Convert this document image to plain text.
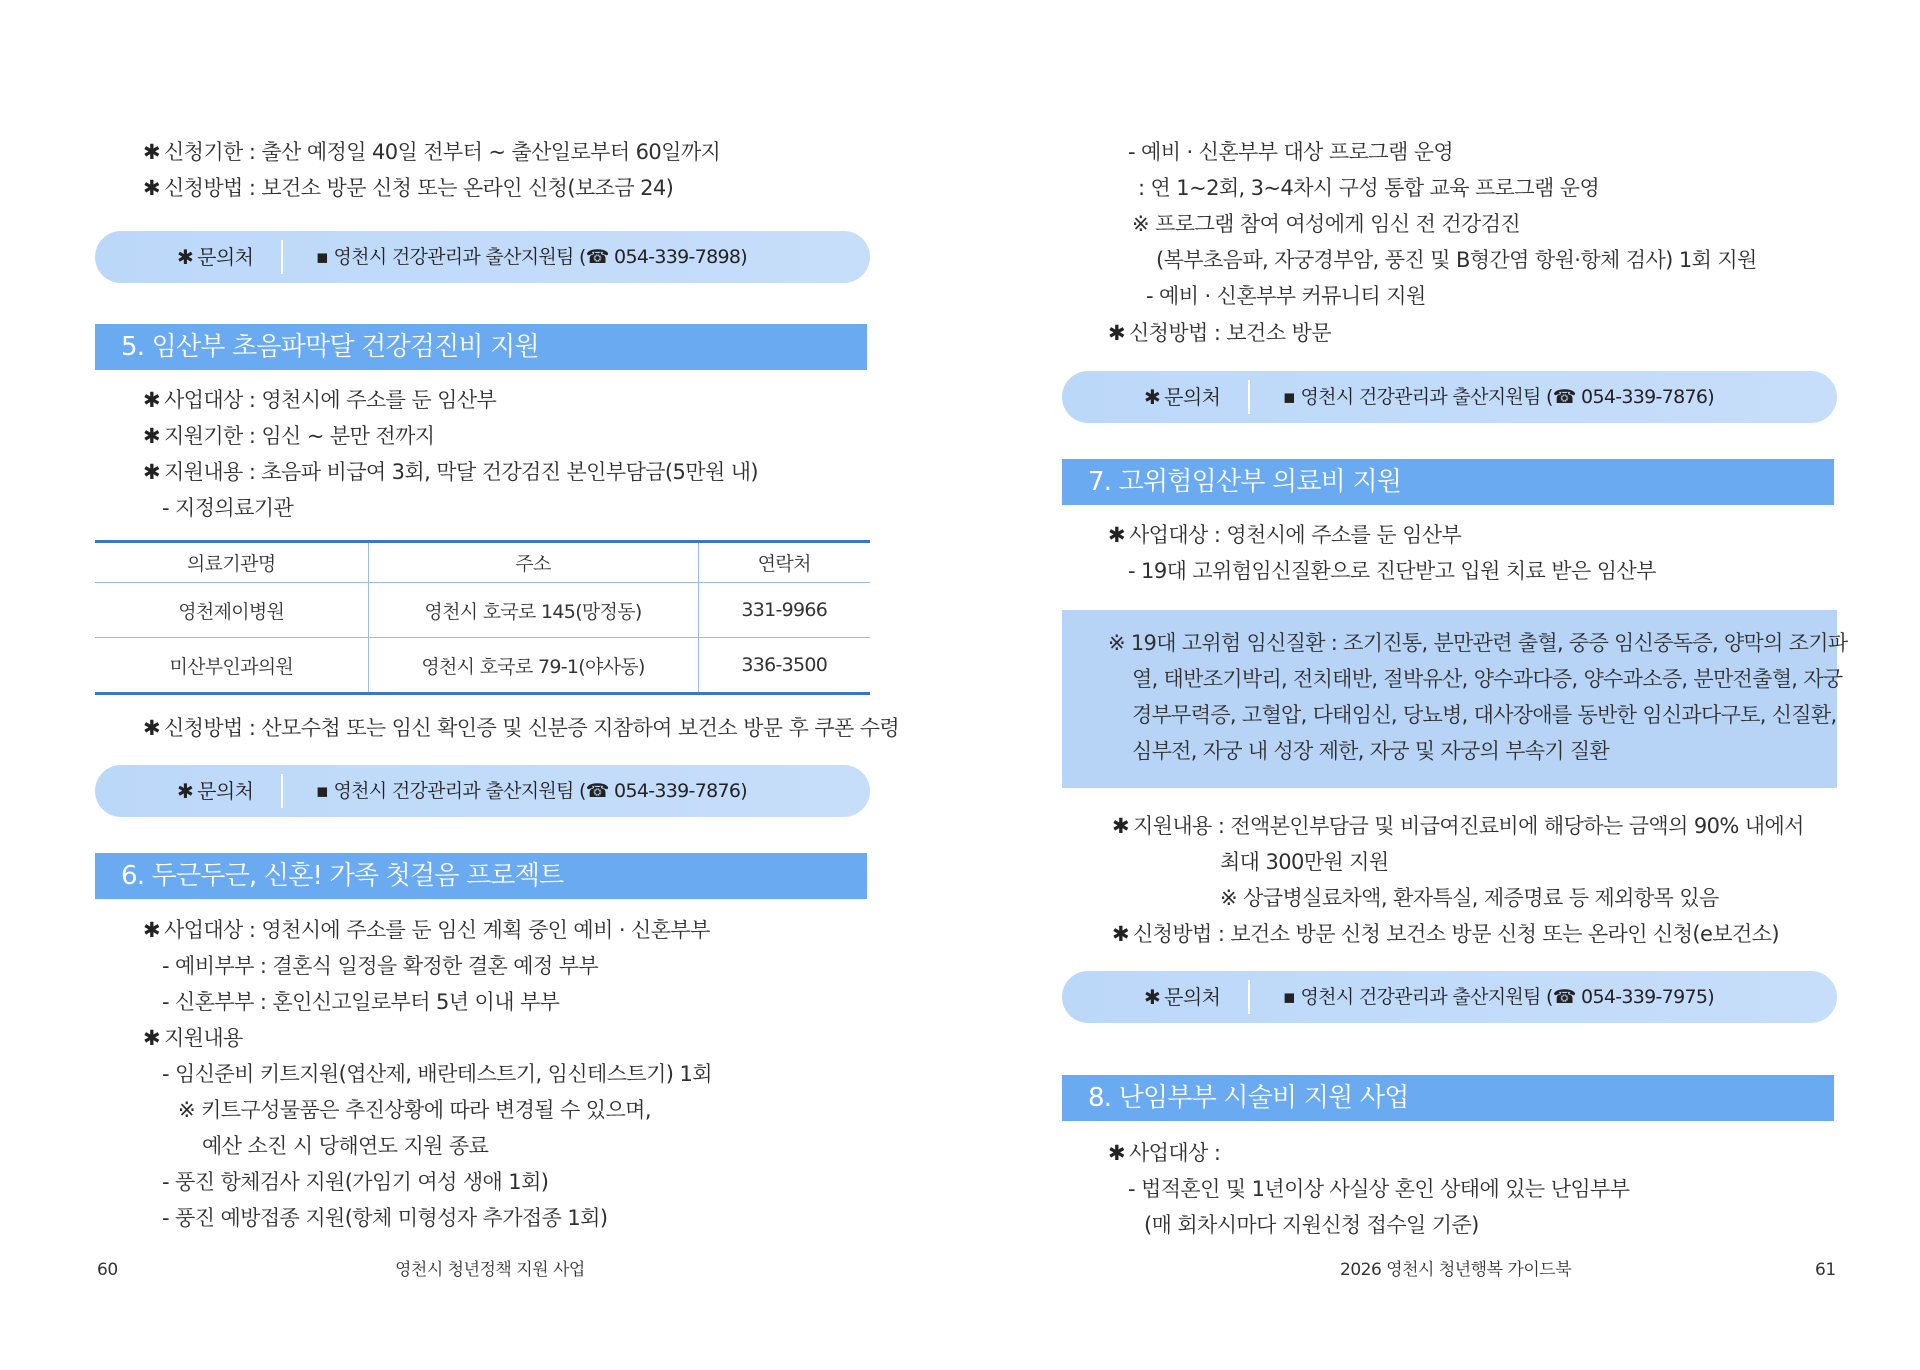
✱ 신청기한 : 출산 예정일 40일 전부터 ~ 출산일로부터 60일까지
✱ 신청방법 : 보건소 방문 신청 또는 온라인 신청(보조금 24)
✱ 문의처	▪ 영천시 건강관리과 출산지원팀 (☎ 054-339-7898)
5. 임산부 초음파막달 건강검진비 지원
✱ 사업대상 : 영천시에 주소를 둔 임산부
✱ 지원기한 : 임신 ~ 분만 전까지
✱ 지원내용 : 초음파 비급여 3회, 막달 건강검진 본인부담금(5만원 내)
- 지정의료기관
의료기관명	주소	연락처
영천제이병원	영천시 호국로 145(망정동)	331-9966
미산부인과의원	영천시 호국로 79-1(야사동)	336-3500
✱ 신청방법 : 산모수첩 또는 임신 확인증 및 신분증 지참하여 보건소 방문 후 쿠폰 수령
✱ 문의처	▪ 영천시 건강관리과 출산지원팀 (☎ 054-339-7876)
6. 두근두근, 신혼! 가족 첫걸음 프로젝트
✱ 사업대상 : 영천시에 주소를 둔 임신 계획 중인 예비 · 신혼부부
- 예비부부 : 결혼식 일정을 확정한 결혼 예정 부부
- 신혼부부 : 혼인신고일로부터 5년 이내 부부
✱ 지원내용
- 임신준비 키트지원(엽산제, 배란테스트기, 임신테스트기) 1회
※ 키트구성물품은 추진상황에 따라 변경될 수 있으며,
예산 소진 시 당해연도 지원 종료
- 풍진 항체검사 지원(가임기 여성 생애 1회)
- 풍진 예방접종 지원(항체 미형성자 추가접종 1회)
60	영천시 청년정책 지원 사업
- 예비 · 신혼부부 대상 프로그램 운영
: 연 1~2회, 3~4차시 구성 통합 교육 프로그램 운영
※ 프로그램 참여 여성에게 임신 전 건강검진
(복부초음파, 자궁경부암, 풍진 및 B형간염 항원·항체 검사) 1회 지원
- 예비 · 신혼부부 커뮤니티 지원
✱ 신청방법 : 보건소 방문
✱ 문의처	▪ 영천시 건강관리과 출산지원팀 (☎ 054-339-7876)
7. 고위험임산부 의료비 지원
✱ 사업대상 : 영천시에 주소를 둔 임산부
- 19대 고위험임신질환으로 진단받고 입원 치료 받은 임산부
※ 19대 고위험 임신질환 : 조기진통, 분만관련 출혈, 중증 임신중독증, 양막의 조기파
열, 태반조기박리, 전치태반, 절박유산, 양수과다증, 양수과소증, 분만전출혈, 자궁
경부무력증, 고혈압, 다태임신, 당뇨병, 대사장애를 동반한 임신과다구토, 신질환,
심부전, 자궁 내 성장 제한, 자궁 및 자궁의 부속기 질환
✱ 지원내용 : 전액본인부담금 및 비급여진료비에 해당하는 금액의 90% 내에서
최대 300만원 지원
※ 상급병실료차액, 환자특실, 제증명료 등 제외항목 있음
✱ 신청방법 : 보건소 방문 신청 보건소 방문 신청 또는 온라인 신청(e보건소)
✱ 문의처	▪ 영천시 건강관리과 출산지원팀 (☎ 054-339-7975)
8. 난임부부 시술비 지원 사업
✱ 사업대상 :
- 법적혼인 및 1년이상 사실상 혼인 상태에 있는 난임부부
(매 회차시마다 지원신청 접수일 기준)
2026 영천시 청년행복 가이드북	61
